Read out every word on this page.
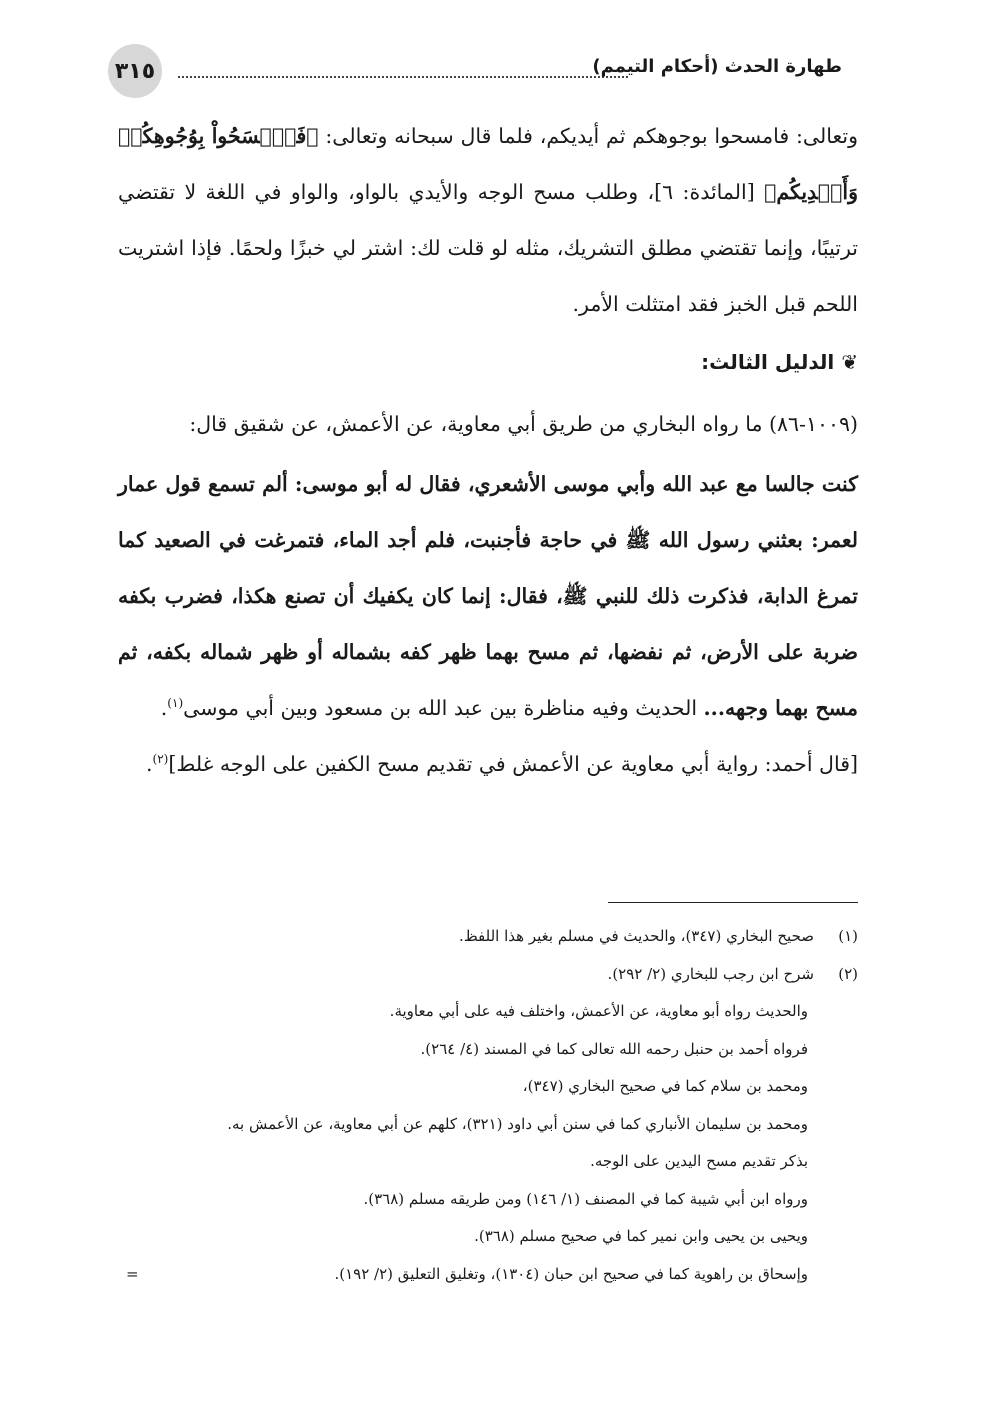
٣١٥	طهارة الحدث (أحكام التيمم)

وتعالى: فامسحوا بوجوهكم ثم أيديكم، فلما قال سبحانه وتعالى: ﴿فَٱمۡسَحُواْ بِوُجُوهِكُمۡ وَأَيۡدِيكُم﴾ [المائدة: ٦]، وطلب مسح الوجه والأيدي بالواو، والواو في اللغة لا تقتضي ترتيبًا، وإنما تقتضي مطلق التشريك، مثله لو قلت لك: اشتر لي خبزًا ولحمًا. فإذا اشتريت اللحم قبل الخبز فقد امتثلت الأمر.

❦ الدليل الثالث:

(١٠٠٩-٨٦) ما رواه البخاري من طريق أبي معاوية، عن الأعمش، عن شقيق قال:

كنت جالسا مع عبد الله وأبي موسى الأشعري، فقال له أبو موسى: ألم تسمع قول عمار لعمر: بعثني رسول الله ﷺ في حاجة فأجنبت، فلم أجد الماء، فتمرغت في الصعيد كما تمرغ الدابة، فذكرت ذلك للنبي ﷺ، فقال: إنما كان يكفيك أن تصنع هكذا، فضرب بكفه ضربة على الأرض، ثم نفضها، ثم مسح بهما ظهر كفه بشماله أو ظهر شماله بكفه، ثم مسح بهما وجهه... الحديث وفيه مناظرة بين عبد الله بن مسعود وبين أبي موسى$^{(١)}$.

[قال أحمد: رواية أبي معاوية عن الأعمش في تقديم مسح الكفين على الوجه غلط]$^{(٢)}$.

(١)صحيح البخاري (٣٤٧)، والحديث في مسلم بغير هذا اللفظ.
(٢)شرح ابن رجب للبخاري (٢/ ٢٩٢).
والحديث رواه أبو معاوية، عن الأعمش، واختلف فيه على أبي معاوية.
فرواه أحمد بن حنبل رحمه الله تعالى كما في المسند (٤/ ٢٦٤).
ومحمد بن سلام كما في صحيح البخاري (٣٤٧)،
ومحمد بن سليمان الأنباري كما في سنن أبي داود (٣٢١)، كلهم عن أبي معاوية، عن الأعمش به.
بذكر تقديم مسح اليدين على الوجه.
ورواه ابن أبي شيبة كما في المصنف (١/ ١٤٦) ومن طريقه مسلم (٣٦٨).
ويحيى بن يحيى وابن نمير كما في صحيح مسلم (٣٦٨).
وإسحاق بن راهوية كما في صحيح ابن حبان (١٣٠٤)، وتغليق التعليق (٢/ ١٩٢).
=
